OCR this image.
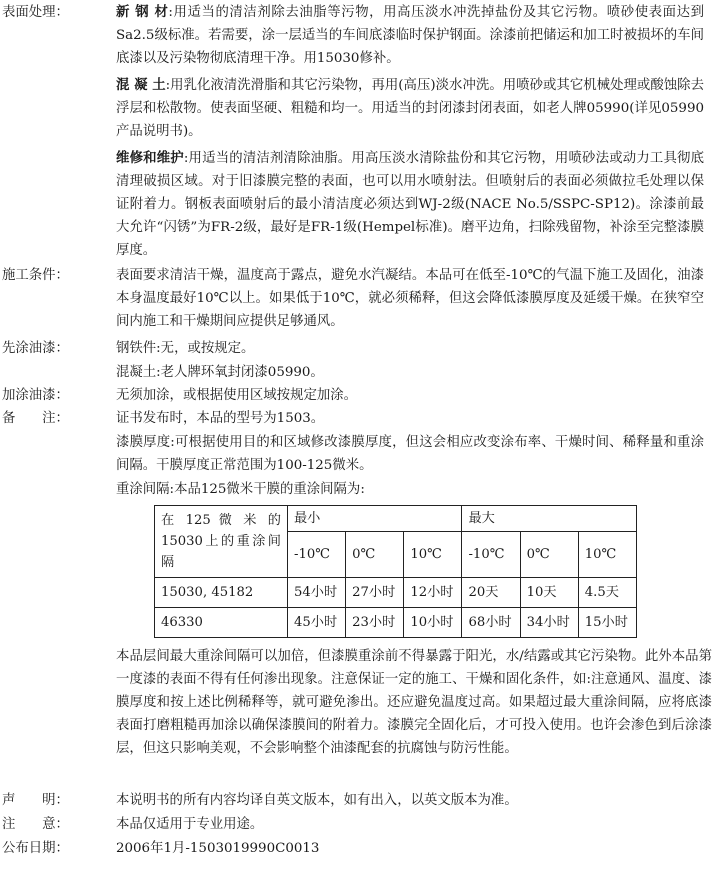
表面处理：	新 钢 材:用适当的清洁剂除去油脂等污物，用高压淡水冲洗掉盐份及其它污物。喷砂使表面达到Sa2.5级标准。若需要，涂一层适当的车间底漆临时保护钢面。涂漆前把储运和加工时被损坏的车间底漆以及污染物彻底清理干净。用15030修补。

混 凝 土:用乳化液清洗滑脂和其它污染物，再用(高压)淡水冲洗。用喷砂或其它机械处理或酸蚀除去浮层和松散物。使表面坚硬、粗糙和均一。用适当的封闭漆封闭表面，如老人牌05990(详见05990产品说明书)。

维修和维护:用适当的清洁剂清除油脂。用高压淡水清除盐份和其它污物，用喷砂法或动力工具彻底清理破损区域。对于旧漆膜完整的表面，也可以用水喷射法。但喷射后的表面必须做拉毛处理以保证附着力。钢板表面喷射后的最小清洁度必须达到WJ-2级(NACE No.5/SSPC-SP12)。涂漆前最大允许“闪锈”为FR-2级，最好是FR-1级(Hempel标准)。磨平边角，扫除残留物，补涂至完整漆膜厚度。

施工条件：	表面要求清洁干燥，温度高于露点，避免水汽凝结。本品可在低至-10℃的气温下施工及固化，油漆本身温度最好10℃以上。如果低于10℃，就必须稀释，但这会降低漆膜厚度及延缓干燥。在狭窄空间内施工和干燥期间应提供足够通风。

先涂油漆：	钢铁件:无，或按规定。

混凝土:老人牌环氧封闭漆05990。

加涂油漆：	无须加涂，或根据使用区域按规定加涂。

备　　注：	证书发布时，本品的型号为1503。

漆膜厚度:可根据使用目的和区域修改漆膜厚度，但这会相应改变涂布率、干燥时间、稀释量和重涂间隔。干膜厚度正常范围为100-125微米。

重涂间隔:本品125微米干膜的重涂间隔为:

在 125 微 米 的 15030上的重涂间隔	最小			最大		
	-10℃	0℃	10℃	-10℃	0℃	10℃
15030, 45182	54小时	27小时	12小时	20天	10天	4.5天
46330	45小时	23小时	10小时	68小时	34小时	15小时

本品层间最大重涂间隔可以加倍，但漆膜重涂前不得暴露于阳光，水/结露或其它污染物。此外本品第一度漆的表面不得有任何渗出现象。注意保证一定的施工、干燥和固化条件，如:注意通风、温度、漆膜厚度和按上述比例稀释等，就可避免渗出。还应避免温度过高。如果超过最大重涂间隔，应将底漆表面打磨粗糙再加涂以确保漆膜间的附着力。漆膜完全固化后，才可投入使用。也许会渗色到后涂漆层，但这只影响美观，不会影响整个油漆配套的抗腐蚀与防污性能。

声　　明：	本说明书的所有内容均译自英文版本，如有出入，以英文版本为准。

注　　意：	本品仅适用于专业用途。

公布日期：	2006年1月-1503019990C0013
